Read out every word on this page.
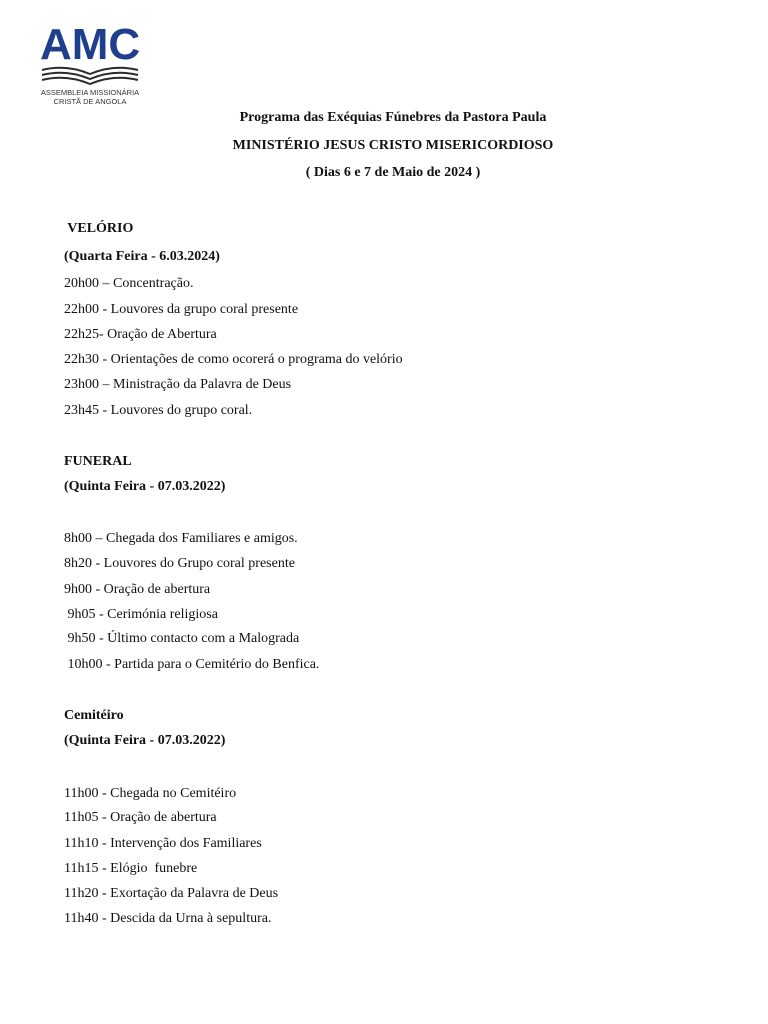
AMC
ASSEMBLEIA MISSIONÁRIA
CRISTÃ DE ANGOLA
Programa das Exéquias Fúnebres da Pastora Paula
MINISTÉRIO JESUS CRISTO MISERICORDIOSO
( Dias 6 e 7 de Maio de 2024 )
VELÓRIO
(Quarta Feira - 6.03.2024)
20h00 – Concentração.
22h00 - Louvores da grupo coral presente
22h25- Oração de Abertura
22h30 - Orientações de como ocorerá o programa do velório
23h00 – Ministração da Palavra de Deus
23h45 - Louvores do grupo coral.
FUNERAL
(Quinta Feira - 07.03.2022)
8h00 – Chegada dos Familiares e amigos.
8h20 - Louvores do Grupo coral presente
9h00 - Oração de abertura
9h05 - Cerimónia religiosa
9h50 - Último contacto com a Malograda
10h00 - Partida para o Cemitério do Benfica.
Cemitéiro
(Quinta Feira - 07.03.2022)
11h00 - Chegada no Cemitéiro
11h05 - Oração de abertura
11h10 - Intervenção dos Familiares
11h15 - Elógio  funebre
11h20 - Exortação da Palavra de Deus
11h40 - Descida da Urna à sepultura.
